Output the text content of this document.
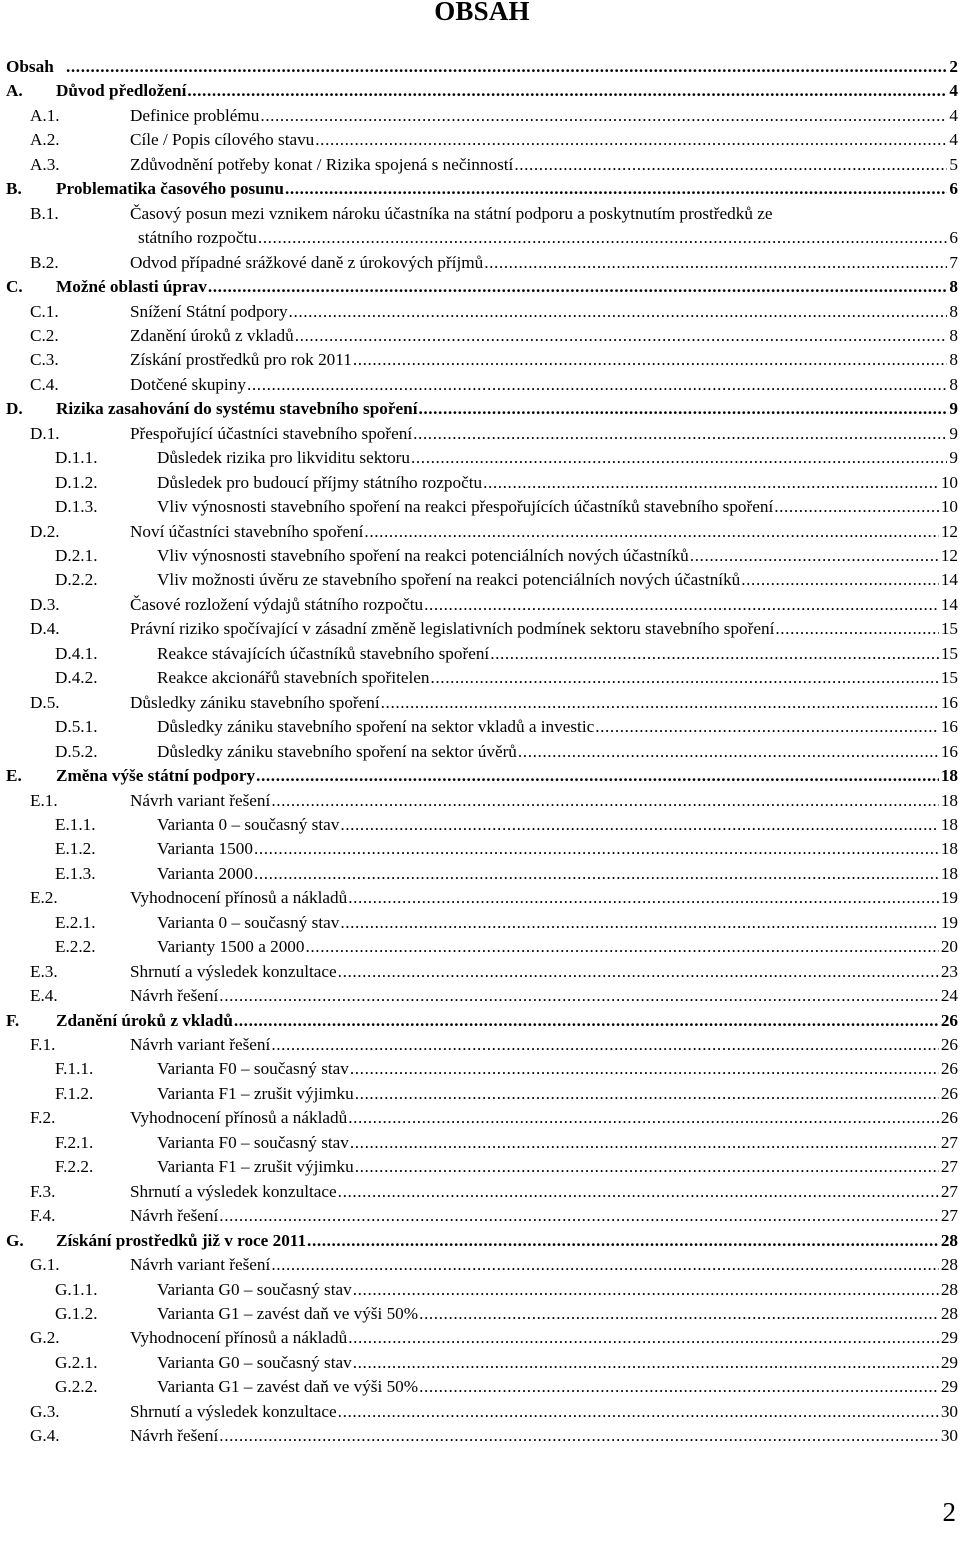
OBSAH
Obsah .....	2
A. Důvod předložení .....	4
A.1.	Definice problému .....	4
A.2.	Cíle / Popis cílového stavu .....	4
A.3.	Zdůvodnění potřeby konat / Rizika spojená s nečinností .....	5
B. Problematika časového posunu .....	6
B.1.	Časový posun mezi vznikem nároku účastníka na státní podporu a poskytnutím prostředků ze
státního rozpočtu .....	6
B.2.	Odvod případné srážkové daně z úrokových příjmů .....	7
C. Možné oblasti úprav .....	8
C.1.	Snížení Státní podpory .....	8
C.2.	Zdanění úroků z vkladů .....	8
C.3.	Získání prostředků pro rok 2011 .....	8
C.4.	Dotčené skupiny .....	8
D. Rizika zasahování do systému stavebního spoření .....	9
D.1.	Přespořující účastníci stavebního spoření .....	9
D.1.1.	Důsledek rizika pro likviditu sektoru .....	9
D.1.2.	Důsledek pro budoucí příjmy státního rozpočtu .....	10
D.1.3.	Vliv výnosnosti stavebního spoření na reakci přespořujících účastníků stavebního spoření .....	10
D.2.	Noví účastníci stavebního spoření .....	12
D.2.1.	Vliv výnosnosti stavebního spoření na reakci potenciálních nových účastníků .....	12
D.2.2.	Vliv možnosti úvěru ze stavebního spoření na reakci potenciálních nových účastníků .....	14
D.3.	Časové rozložení výdajů státního rozpočtu .....	14
D.4.	Právní riziko spočívající v zásadní změně legislativních podmínek sektoru stavebního spoření .....	15
D.4.1.	Reakce stávajících účastníků stavebního spoření .....	15
D.4.2.	Reakce akcionářů stavebních spořitelen .....	15
D.5.	Důsledky zániku stavebního spoření .....	16
D.5.1.	Důsledky zániku stavebního spoření na sektor vkladů a investic .....	16
D.5.2.	Důsledky zániku stavebního spoření na sektor úvěrů .....	16
E. Změna výše státní podpory .....	18
E.1.	Návrh variant řešení .....	18
E.1.1.	Varianta 0 – současný stav .....	18
E.1.2.	Varianta 1500 .....	18
E.1.3.	Varianta 2000 .....	18
E.2.	Vyhodnocení přínosů a nákladů .....	19
E.2.1.	Varianta 0 – současný stav .....	19
E.2.2.	Varianty 1500 a 2000 .....	20
E.3.	Shrnutí a výsledek konzultace .....	23
E.4.	Návrh řešení .....	24
F. Zdanění úroků z vkladů .....	26
F.1.	Návrh variant řešení .....	26
F.1.1.	Varianta F0 – současný stav .....	26
F.1.2.	Varianta F1 – zrušit výjimku .....	26
F.2.	Vyhodnocení přínosů a nákladů .....	26
F.2.1.	Varianta F0 – současný stav .....	27
F.2.2.	Varianta F1 – zrušit výjimku .....	27
F.3.	Shrnutí a výsledek konzultace .....	27
F.4.	Návrh řešení .....	27
G. Získání prostředků již v roce 2011 .....	28
G.1.	Návrh variant řešení .....	28
G.1.1.	Varianta G0 – současný stav .....	28
G.1.2.	Varianta G1 – zavést daň ve výši 50% .....	28
G.2.	Vyhodnocení přínosů a nákladů .....	29
G.2.1.	Varianta G0 – současný stav .....	29
G.2.2.	Varianta G1 – zavést daň ve výši 50% .....	29
G.3.	Shrnutí a výsledek konzultace .....	30
G.4.	Návrh řešení .....	30
2
